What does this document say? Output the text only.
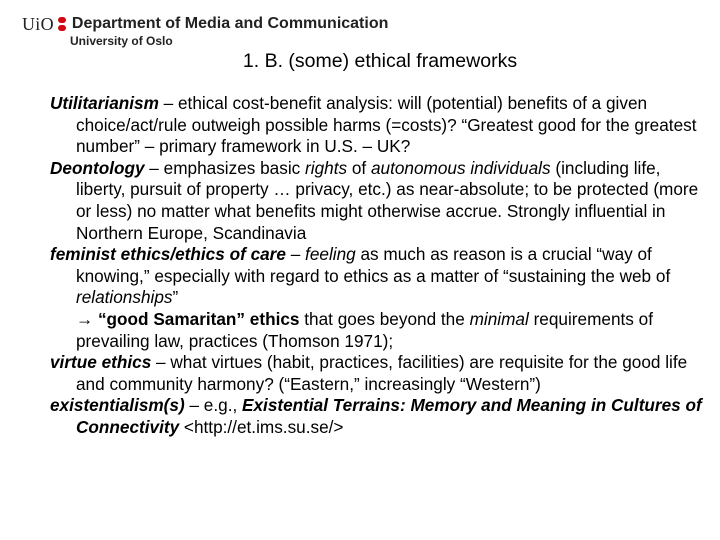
UiO Department of Media and Communication
University of Oslo
1. B. (some) ethical frameworks
Utilitarianism – ethical cost-benefit analysis: will (potential) benefits of a given choice/act/rule outweigh possible harms (=costs)? “Greatest good for the greatest number” – primary framework in U.S. – UK?
Deontology – emphasizes basic rights of autonomous individuals (including life, liberty, pursuit of property … privacy, etc.) as near-absolute; to be protected (more or less) no matter what benefits might otherwise accrue. Strongly influential in Northern Europe, Scandinavia
feminist ethics/ethics of care – feeling as much as reason is a crucial “way of knowing,” especially with regard to ethics as a matter of “sustaining the web of relationships”
→ “good Samaritan” ethics that goes beyond the minimal requirements of prevailing law, practices (Thomson 1971);
virtue ethics – what virtues (habit, practices, facilities) are requisite for the good life and community harmony? (“Eastern,” increasingly “Western”)
existentialism(s) – e.g., Existential Terrains: Memory and Meaning in Cultures of Connectivity <http://et.ims.su.se/>
